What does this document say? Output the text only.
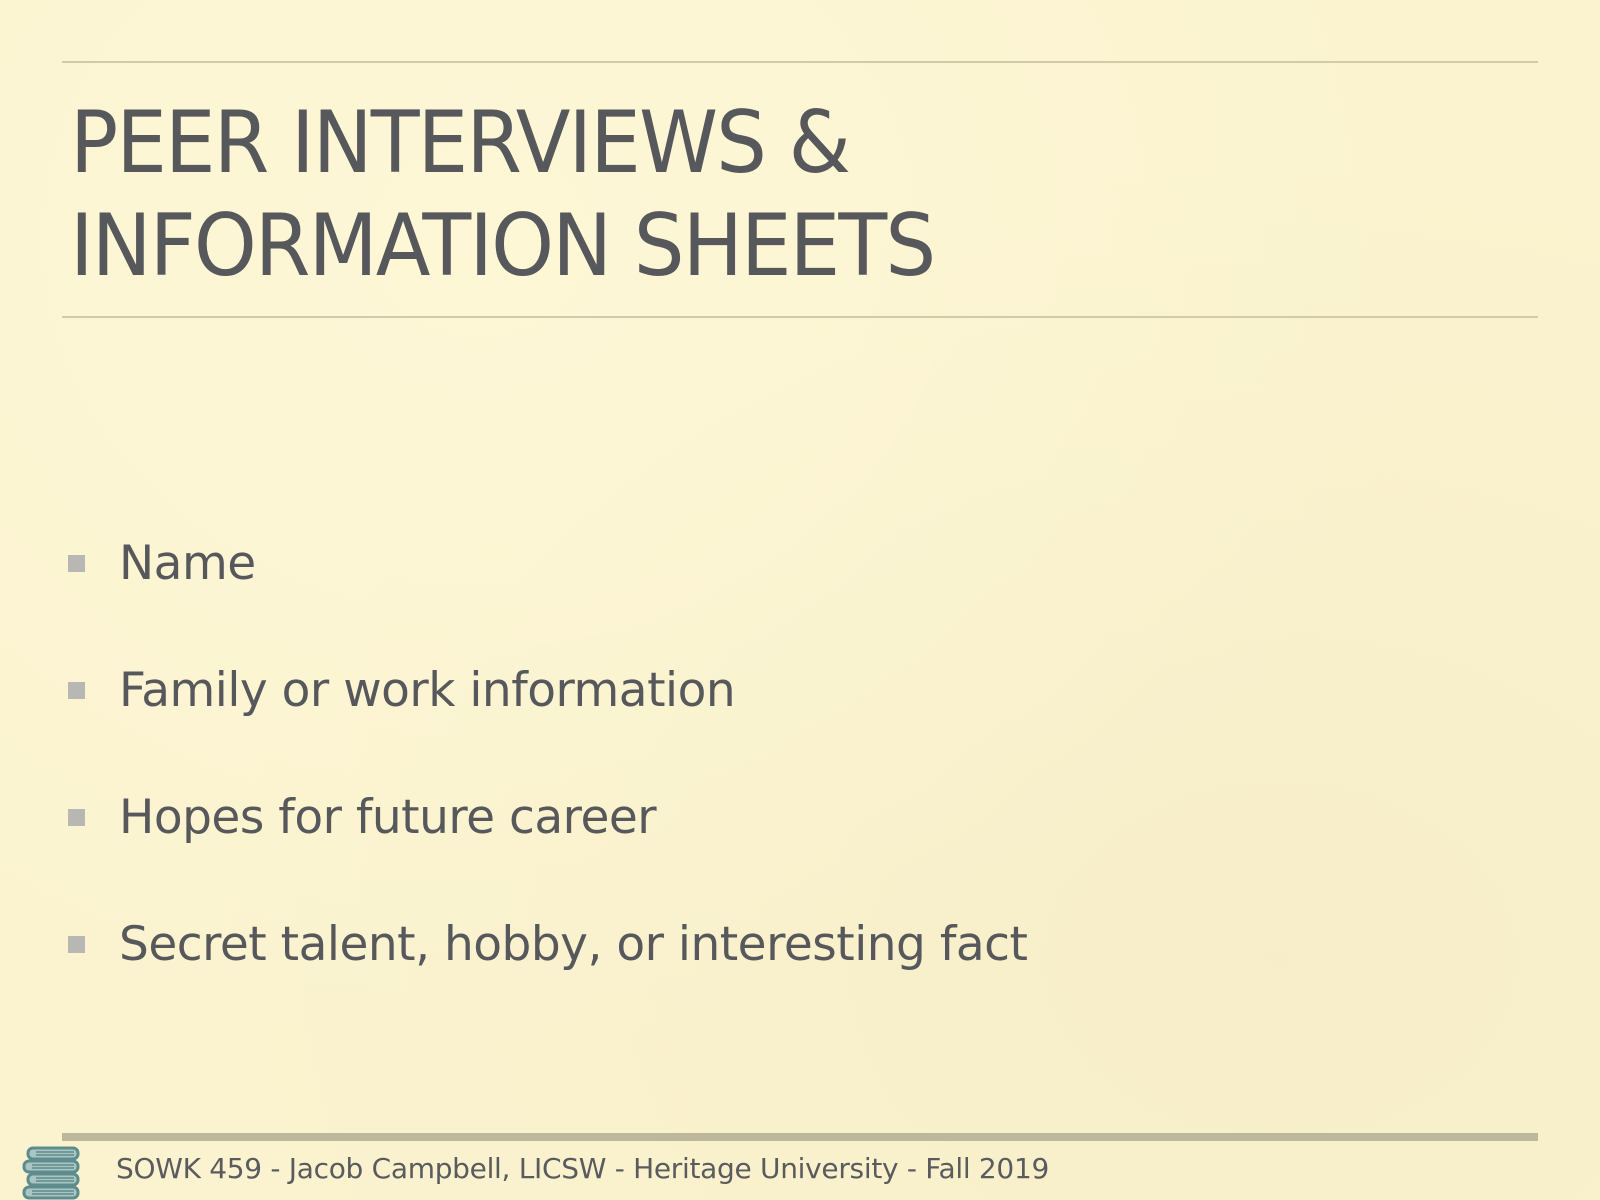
PEER INTERVIEWS &
INFORMATION SHEETS
Name
Family or work information
Hopes for future career
Secret talent, hobby, or interesting fact
SOWK 459 - Jacob Campbell, LICSW - Heritage University - Fall 2019
